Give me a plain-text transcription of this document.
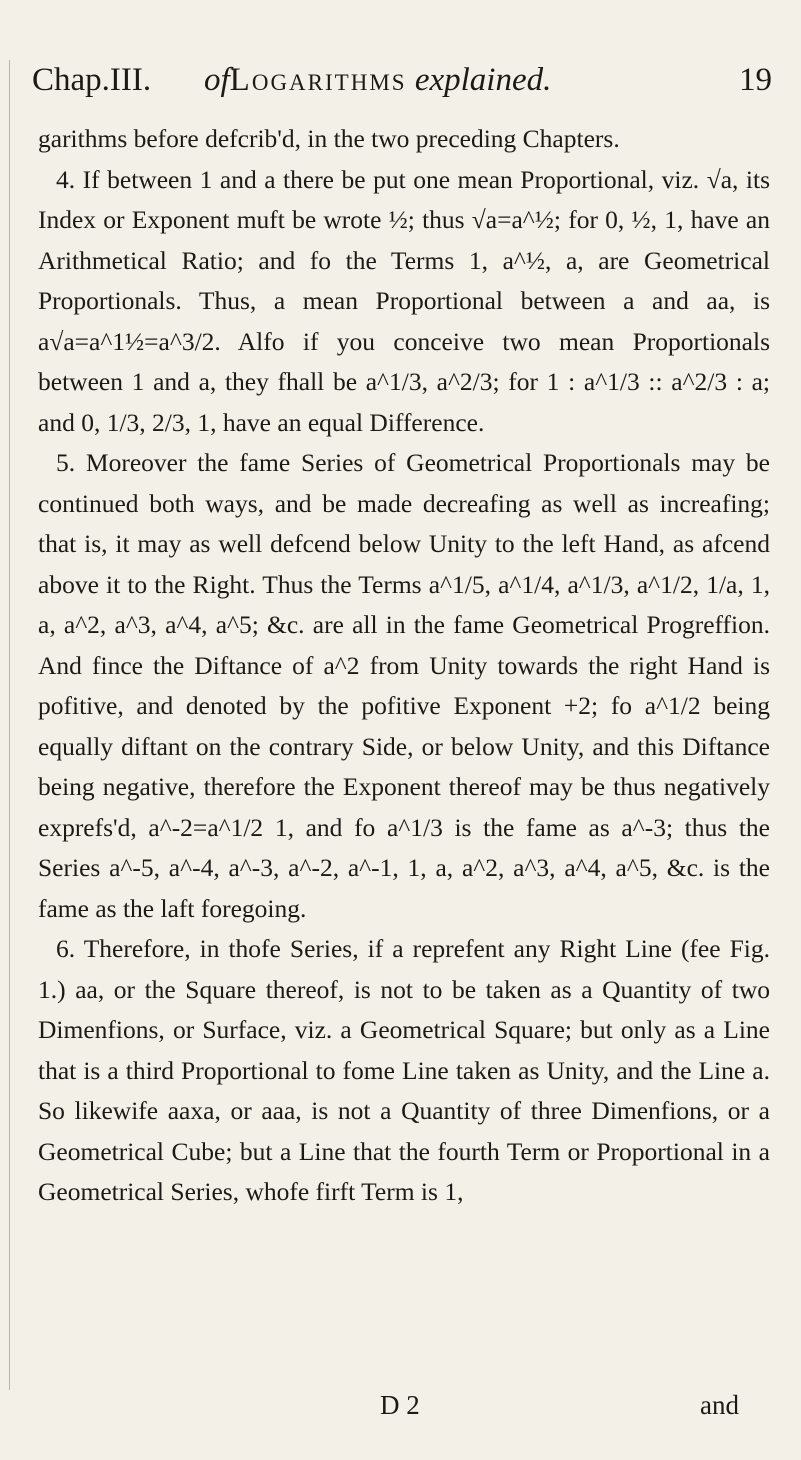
Chap.III. ofLogarithms explained.	19

garithms before defcrib'd, in the two preceding Chapters.

4. If between 1 and a there be put one mean Proportional, viz. √a, its Index or Exponent muft be wrote ½; thus √a=a^½; for 0, ½, 1, have an Arithmetical Ratio; and fo the Terms 1, a^½, a, are Geometrical Proportionals. Thus, a mean Proportional between a and aa, is a√a=a^1½=a^3/2. Alfo if you conceive two mean Proportionals between 1 and a, they fhall be a^1/3, a^2/3; for 1 : a^1/3 :: a^2/3 : a; and 0, 1/3, 2/3, 1, have an equal Difference.

5. Moreover the fame Series of Geometrical Proportionals may be continued both ways, and be made decreafing as well as increafing; that is, it may as well defcend below Unity to the left Hand, as afcend above it to the Right. Thus the Terms a^1/5, a^1/4, a^1/3, a^1/2, 1/a, 1, a, a^2, a^3, a^4, a^5; &c. are all in the fame Geometrical Progreffion. And fince the Diftance of a^2 from Unity towards the right Hand is pofitive, and denoted by the pofitive Exponent +2; fo a^1/2 being equally diftant on the contrary Side, or below Unity, and this Diftance being negative, therefore the Exponent thereof may be thus negatively exprefs'd, a^-2=a^1/2 1, and fo a^1/3 is the fame as a^-3; thus the Series a^-5, a^-4, a^-3, a^-2, a^-1, 1, a, a^2, a^3, a^4, a^5, &c. is the fame as the laft foregoing.

6. Therefore, in thofe Series, if a reprefent any Right Line (fee Fig. 1.) aa, or the Square thereof, is not to be taken as a Quantity of two Dimenfions, or Surface, viz. a Geometrical Square; but only as a Line that is a third Proportional to fome Line taken as Unity, and the Line a. So likewife aaxa, or aaa, is not a Quantity of three Dimenfions, or a Geometrical Cube; but a Line that the fourth Term or Proportional in a Geometrical Series, whofe firft Term is 1,

D 2	and
